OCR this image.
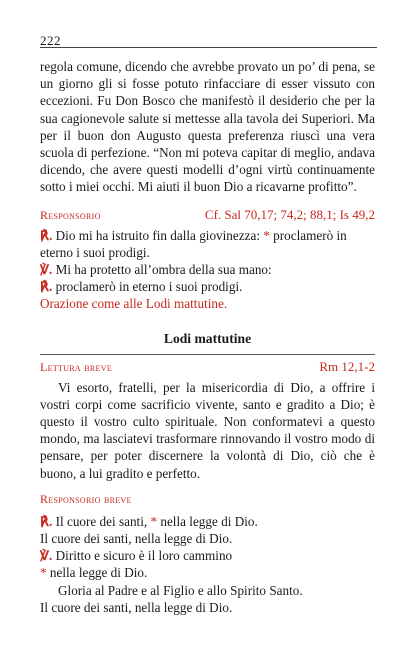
222

regola comune, dicendo che avrebbe provato un po’ di pena, se un giorno gli si fosse potuto rinfacciare di esser vissuto con eccezioni. Fu Don Bosco che manifestò il desiderio che per la sua cagionevole salute si mettesse alla tavola dei Superiori. Ma per il buon don Augusto questa preferenza riuscì una vera scuola di perfezione. “Non mi poteva capitar di meglio, andava dicendo, che avere questi modelli d’ogni virtù continuamente sotto i miei occhi. Mi aiuti il buon Dio a ricavarne profitto”.

Responsorio	Cf. Sal 70,17; 74,2; 88,1; Is 49,2

℟. Dio mi ha istruito fin dalla giovinezza: * proclamerò in eterno i suoi prodigi.

℣. Mi ha protetto all’ombra della sua mano:

℟. proclamerò in eterno i suoi prodigi.

Orazione come alle Lodi mattutine.

Lodi mattutine
Lettura breve	Rm 12,1-2

Vi esorto, fratelli, per la misericordia di Dio, a offrire i vostri corpi come sacrificio vivente, santo e gradito a Dio; è questo il vostro culto spirituale. Non conformatevi a questo mondo, ma lasciatevi trasformare rinnovando il vostro modo di pensare, per poter discernere la volontà di Dio, ciò che è buono, a lui gradito e perfetto.

Responsorio breve

℟. Il cuore dei santi, * nella legge di Dio.

Il cuore dei santi, nella legge di Dio.

℣. Diritto e sicuro è il loro cammino

* nella legge di Dio.

Gloria al Padre e al Figlio e allo Spirito Santo.

Il cuore dei santi, nella legge di Dio.
